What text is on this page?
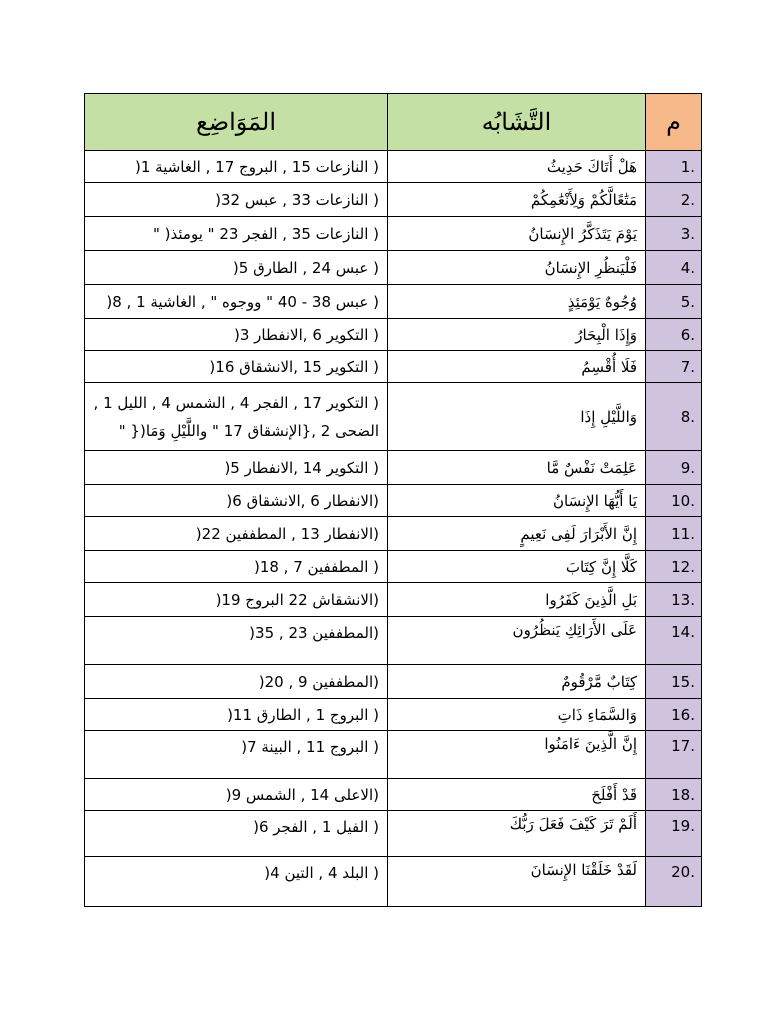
م	التَّشَابُه	المَوَاضِع
1.	هَلْ أَتَاكَ حَدِيثُ	( النازعات 15 , البروج 17 , الغاشية 1(
2.	مَتَٰعًالَّكُمْ وَلِأَنْعَٰمِكُمْ	( النازعات 33 , عبس 32(
3.	يَوْمَ يَتَذَكَّرُ الإِنسَانُ	( النازعات 35 , الفجر 23 " يومئذ( "
4.	فَلْيَنظُرِ الإِنسَانُ	( عبس 24 , الطارق 5(
5.	وُجُوهٌ يَوْمَئِذٍ	( عبس 38 - 40 " ووجوه " , الغاشية 1 , 8(
6.	وَإِذَا الْبِحَارُ	( التكوير 6 ,الانفطار 3(
7.	فَلَا أُقْسِمُ	( التكوير 15 ,الانشقاق 16(
8.	وَاللَّيْلِ إِذَا	( التكوير 17 , الفجر 4 , الشمس 4 , الليل 1 , الضحى 2 ,{الإنشقاق 17 " واللَّيْلِ وَمَا({ "
9.	عَلِمَتْ نَفْسٌ مَّا	( التكوير 14 ,الانفطار 5(
10.	يَا أَيُّهَا الإِنسَانُ	(الانفطار 6 ,الانشقاق 6(
11.	إِنَّ الأَبْرَارَ لَفِى نَعِيمٍ	(الانفطار 13 , المطففين 22(
12.	كَلَّا إِنَّ كِتَابَ	( المطففين 7 , 18(
13.	بَلِ الَّذِينَ كَفَرُوا	(الانشقاش 22 البروج 19(
14.	عَلَى الأَرَائِكِ يَنظُرُون	(المطففين 23 , 35(
15.	كِتَابٌ مَّرْقُومٌ	(المطففين 9 , 20(
16.	وَالسَّمَاءِ ذَاتِ	( البروج 1 , الطارق 11(
17.	إِنَّ الَّذِينَ ءَامَنُوا	( البروج 11 , البينة 7(
18.	قَدْ أَفْلَحَ	(الاعلى 14 , الشمس 9(
19.	أَلَمْ تَرَ كَيْفَ فَعَلَ رَبُّكَ	( الفيل 1 , الفجر 6(
20.	لَقَدْ خَلَقْنَا الإِنسَانَ	( البلد 4 , التين 4(
